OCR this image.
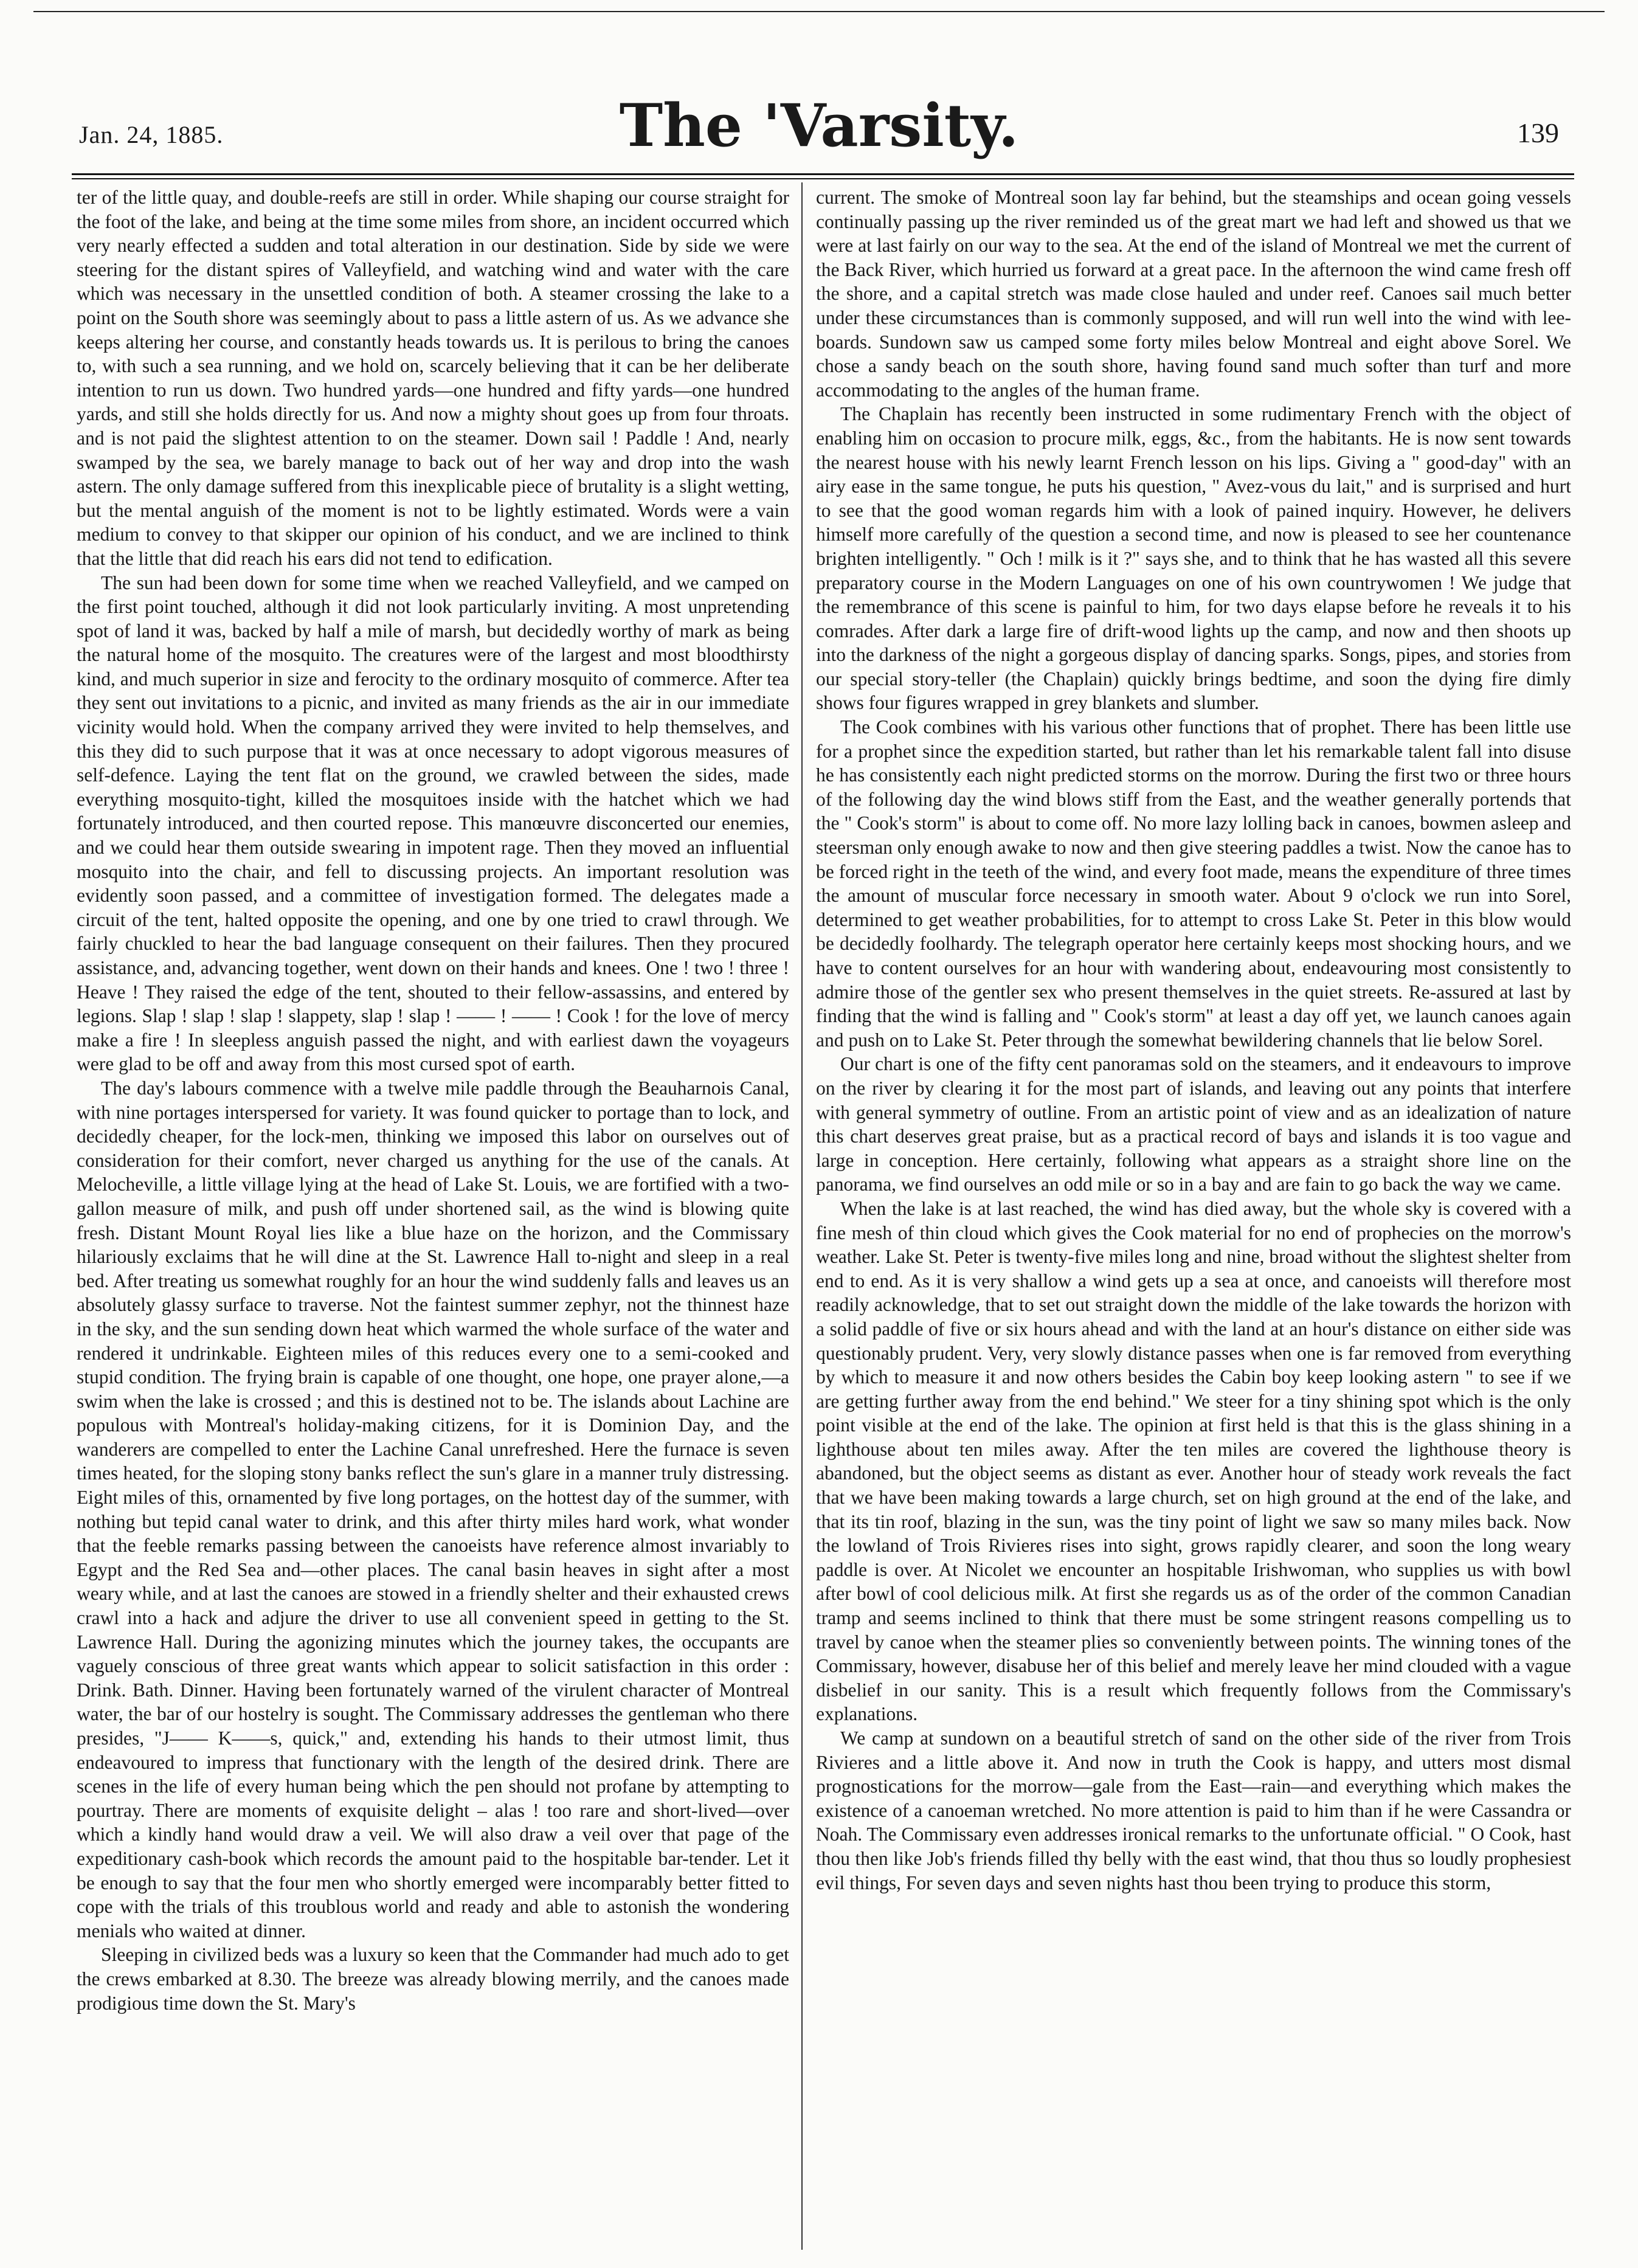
Jan. 24, 1885.	The 'Varsity.	139

ter of the little quay, and double-reefs are still in order. While shaping our course straight for the foot of the lake, and being at the time some miles from shore, an incident occurred which very nearly effected a sudden and total alteration in our destination. Side by side we were steering for the distant spires of Valleyfield, and watching wind and water with the care which was necessary in the unsettled condition of both. A steamer crossing the lake to a point on the South shore was seemingly about to pass a little astern of us. As we advance she keeps altering her course, and constantly heads towards us. It is perilous to bring the canoes to, with such a sea running, and we hold on, scarcely believing that it can be her deliberate intention to run us down. Two hundred yards—one hundred and fifty yards—one hundred yards, and still she holds directly for us. And now a mighty shout goes up from four throats. and is not paid the slightest attention to on the steamer. Down sail ! Paddle ! And, nearly swamped by the sea, we barely manage to back out of her way and drop into the wash astern. The only damage suffered from this inexplicable piece of brutality is a slight wetting, but the mental anguish of the moment is not to be lightly estimated. Words were a vain medium to convey to that skipper our opinion of his conduct, and we are inclined to think that the little that did reach his ears did not tend to edification.

The sun had been down for some time when we reached Valleyfield, and we camped on the first point touched, although it did not look particularly inviting. A most unpretending spot of land it was, backed by half a mile of marsh, but decidedly worthy of mark as being the natural home of the mosquito. The creatures were of the largest and most bloodthirsty kind, and much superior in size and ferocity to the ordinary mosquito of commerce. After tea they sent out invitations to a picnic, and invited as many friends as the air in our immediate vicinity would hold. When the company arrived they were invited to help themselves, and this they did to such purpose that it was at once necessary to adopt vigorous measures of self-defence. Laying the tent flat on the ground, we crawled between the sides, made everything mosquito-tight, killed the mosquitoes inside with the hatchet which we had fortunately introduced, and then courted repose. This manœuvre disconcerted our enemies, and we could hear them outside swearing in impotent rage. Then they moved an influential mosquito into the chair, and fell to discussing projects. An important resolution was evidently soon passed, and a committee of investigation formed. The delegates made a circuit of the tent, halted opposite the opening, and one by one tried to crawl through. We fairly chuckled to hear the bad language consequent on their failures. Then they procured assistance, and, advancing together, went down on their hands and knees. One ! two ! three ! Heave ! They raised the edge of the tent, shouted to their fellow-assassins, and entered by legions. Slap ! slap ! slap ! slappety, slap ! slap ! —— ! —— ! Cook ! for the love of mercy make a fire ! In sleepless anguish passed the night, and with earliest dawn the voyageurs were glad to be off and away from this most cursed spot of earth.

The day's labours commence with a twelve mile paddle through the Beauharnois Canal, with nine portages interspersed for variety. It was found quicker to portage than to lock, and decidedly cheaper, for the lock-men, thinking we imposed this labor on ourselves out of consideration for their comfort, never charged us anything for the use of the canals. At Melocheville, a little village lying at the head of Lake St. Louis, we are fortified with a two-gallon measure of milk, and push off under shortened sail, as the wind is blowing quite fresh. Distant Mount Royal lies like a blue haze on the horizon, and the Commissary hilariously exclaims that he will dine at the St. Lawrence Hall to-night and sleep in a real bed. After treating us somewhat roughly for an hour the wind suddenly falls and leaves us an absolutely glassy surface to traverse. Not the faintest summer zephyr, not the thinnest haze in the sky, and the sun sending down heat which warmed the whole surface of the water and rendered it undrinkable. Eighteen miles of this reduces every one to a semi-cooked and stupid condition. The frying brain is capable of one thought, one hope, one prayer alone,—a swim when the lake is crossed ; and this is destined not to be. The islands about Lachine are populous with Montreal's holiday-making citizens, for it is Dominion Day, and the wanderers are compelled to enter the Lachine Canal unrefreshed. Here the furnace is seven times heated, for the sloping stony banks reflect the sun's glare in a manner truly distressing. Eight miles of this, ornamented by five long portages, on the hottest day of the summer, with nothing but tepid canal water to drink, and this after thirty miles hard work, what wonder that the feeble remarks passing between the canoeists have reference almost invariably to Egypt and the Red Sea and—other places. The canal basin heaves in sight after a most weary while, and at last the canoes are stowed in a friendly shelter and their exhausted crews crawl into a hack and adjure the driver to use all convenient speed in getting to the St. Lawrence Hall. During the agonizing minutes which the journey takes, the occupants are vaguely conscious of three great wants which appear to solicit satisfaction in this order : Drink. Bath. Dinner. Having been fortunately warned of the virulent character of Montreal water, the bar of our hostelry is sought. The Commissary addresses the gentleman who there presides, "J—— K——s, quick," and, extending his hands to their utmost limit, thus endeavoured to impress that functionary with the length of the desired drink. There are scenes in the life of every human being which the pen should not profane by attempting to pourtray. There are moments of exquisite delight – alas ! too rare and short-lived—over which a kindly hand would draw a veil. We will also draw a veil over that page of the expeditionary cash-book which records the amount paid to the hospitable bar-tender. Let it be enough to say that the four men who shortly emerged were incomparably better fitted to cope with the trials of this troublous world and ready and able to astonish the wondering menials who waited at dinner.

Sleeping in civilized beds was a luxury so keen that the Commander had much ado to get the crews embarked at 8.30. The breeze was already blowing merrily, and the canoes made prodigious time down the St. Mary's

current. The smoke of Montreal soon lay far behind, but the steamships and ocean going vessels continually passing up the river reminded us of the great mart we had left and showed us that we were at last fairly on our way to the sea. At the end of the island of Montreal we met the current of the Back River, which hurried us forward at a great pace. In the afternoon the wind came fresh off the shore, and a capital stretch was made close hauled and under reef. Canoes sail much better under these circumstances than is commonly supposed, and will run well into the wind with lee-boards. Sundown saw us camped some forty miles below Montreal and eight above Sorel. We chose a sandy beach on the south shore, having found sand much softer than turf and more accommodating to the angles of the human frame.

The Chaplain has recently been instructed in some rudimentary French with the object of enabling him on occasion to procure milk, eggs, &c., from the habitants. He is now sent towards the nearest house with his newly learnt French lesson on his lips. Giving a " good-day" with an airy ease in the same tongue, he puts his question, " Avez-vous du lait," and is surprised and hurt to see that the good woman regards him with a look of pained inquiry. However, he delivers himself more carefully of the question a second time, and now is pleased to see her countenance brighten intelligently. " Och ! milk is it ?" says she, and to think that he has wasted all this severe preparatory course in the Modern Languages on one of his own countrywomen ! We judge that the remembrance of this scene is painful to him, for two days elapse before he reveals it to his comrades. After dark a large fire of drift-wood lights up the camp, and now and then shoots up into the darkness of the night a gorgeous display of dancing sparks. Songs, pipes, and stories from our special story-teller (the Chaplain) quickly brings bedtime, and soon the dying fire dimly shows four figures wrapped in grey blankets and slumber.

The Cook combines with his various other functions that of prophet. There has been little use for a prophet since the expedition started, but rather than let his remarkable talent fall into disuse he has consistently each night predicted storms on the morrow. During the first two or three hours of the following day the wind blows stiff from the East, and the weather generally portends that the " Cook's storm" is about to come off. No more lazy lolling back in canoes, bowmen asleep and steersman only enough awake to now and then give steering paddles a twist. Now the canoe has to be forced right in the teeth of the wind, and every foot made, means the expenditure of three times the amount of muscular force necessary in smooth water. About 9 o'clock we run into Sorel, determined to get weather probabilities, for to attempt to cross Lake St. Peter in this blow would be decidedly foolhardy. The telegraph operator here certainly keeps most shocking hours, and we have to content ourselves for an hour with wandering about, endeavouring most consistently to admire those of the gentler sex who present themselves in the quiet streets. Re-assured at last by finding that the wind is falling and " Cook's storm" at least a day off yet, we launch canoes again and push on to Lake St. Peter through the somewhat bewildering channels that lie below Sorel.

Our chart is one of the fifty cent panoramas sold on the steamers, and it endeavours to improve on the river by clearing it for the most part of islands, and leaving out any points that interfere with general symmetry of outline. From an artistic point of view and as an idealization of nature this chart deserves great praise, but as a practical record of bays and islands it is too vague and large in conception. Here certainly, following what appears as a straight shore line on the panorama, we find ourselves an odd mile or so in a bay and are fain to go back the way we came.

When the lake is at last reached, the wind has died away, but the whole sky is covered with a fine mesh of thin cloud which gives the Cook material for no end of prophecies on the morrow's weather. Lake St. Peter is twenty-five miles long and nine, broad without the slightest shelter from end to end. As it is very shallow a wind gets up a sea at once, and canoeists will therefore most readily acknowledge, that to set out straight down the middle of the lake towards the horizon with a solid paddle of five or six hours ahead and with the land at an hour's distance on either side was questionably prudent. Very, very slowly distance passes when one is far removed from everything by which to measure it and now others besides the Cabin boy keep looking astern " to see if we are getting further away from the end behind." We steer for a tiny shining spot which is the only point visible at the end of the lake. The opinion at first held is that this is the glass shining in a lighthouse about ten miles away. After the ten miles are covered the lighthouse theory is abandoned, but the object seems as distant as ever. Another hour of steady work reveals the fact that we have been making towards a large church, set on high ground at the end of the lake, and that its tin roof, blazing in the sun, was the tiny point of light we saw so many miles back. Now the lowland of Trois Rivieres rises into sight, grows rapidly clearer, and soon the long weary paddle is over. At Nicolet we encounter an hospitable Irishwoman, who supplies us with bowl after bowl of cool delicious milk. At first she regards us as of the order of the common Canadian tramp and seems inclined to think that there must be some stringent reasons compelling us to travel by canoe when the steamer plies so conveniently between points. The winning tones of the Commissary, however, disabuse her of this belief and merely leave her mind clouded with a vague disbelief in our sanity. This is a result which frequently follows from the Commissary's explanations.

We camp at sundown on a beautiful stretch of sand on the other side of the river from Trois Rivieres and a little above it. And now in truth the Cook is happy, and utters most dismal prognostications for the morrow—gale from the East—rain—and everything which makes the existence of a canoeman wretched. No more attention is paid to him than if he were Cassandra or Noah. The Commissary even addresses ironical remarks to the unfortunate official. " O Cook, hast thou then like Job's friends filled thy belly with the east wind, that thou thus so loudly prophesiest evil things, For seven days and seven nights hast thou been trying to produce this storm,
